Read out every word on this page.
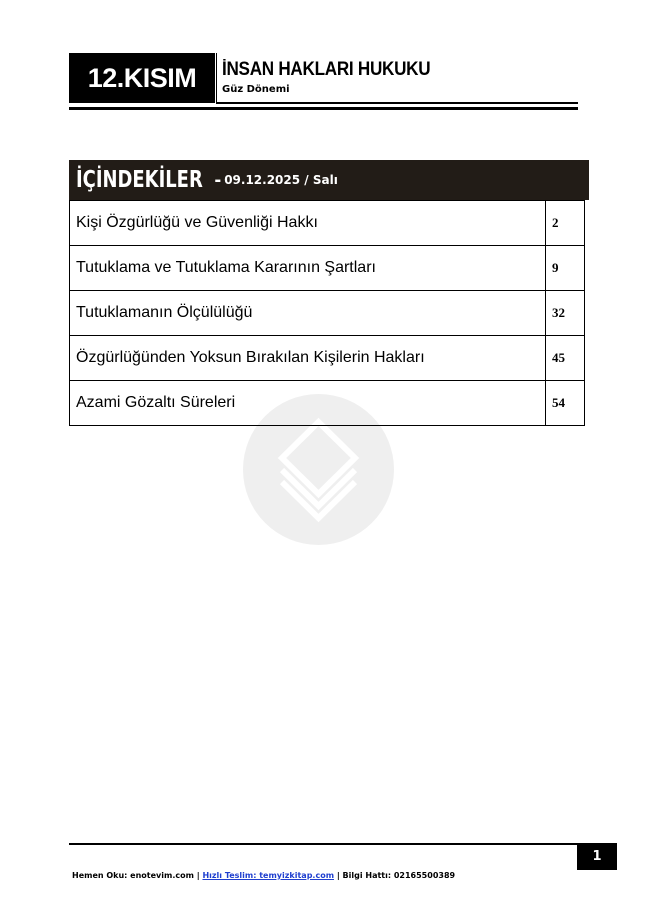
12.KISIM	İNSAN HAKLARI HUKUKU
Güz Dönemi
İÇİNDEKİLER - 09.12.2025 / Salı
Kişi Özgürlüğü ve Güvenliği Hakkı	2
Tutuklama ve Tutuklama Kararının Şartları	9
Tutuklamanın Ölçülülüğü	32
Özgürlüğünden Yoksun Bırakılan Kişilerin Hakları	45
Azami Gözaltı Süreleri	54
1
Hemen Oku: enotevim.com | Hızlı Teslim: temyizkitap.com | Bilgi Hattı: 02165500389
